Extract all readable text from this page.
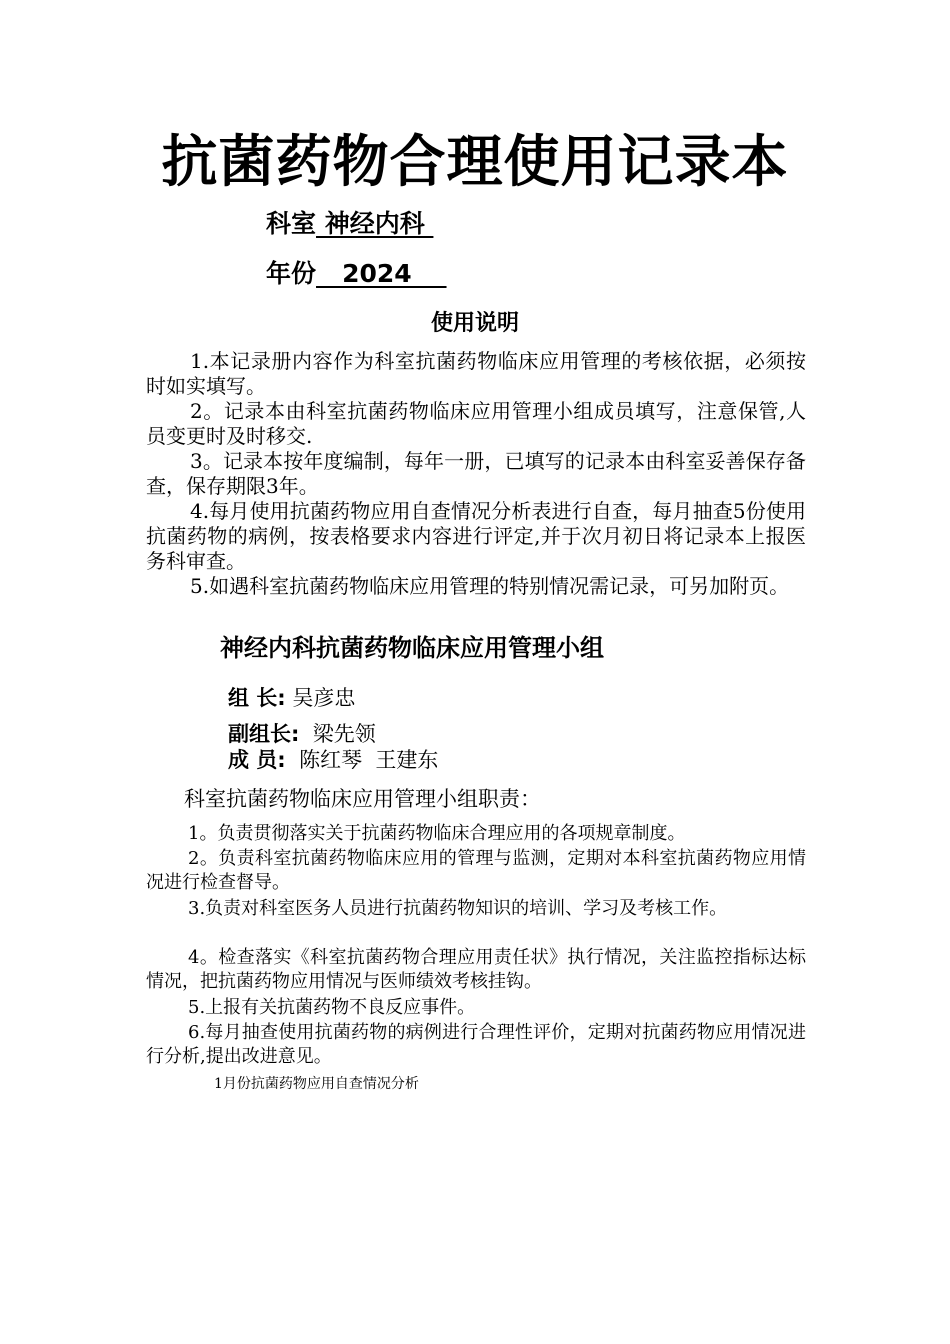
抗菌药物合理使用记录本
科室 神经内科
年份   2024
使用说明
1.本记录册内容作为科室抗菌药物临床应用管理的考核依据，必须按时如实填写。
2。记录本由科室抗菌药物临床应用管理小组成员填写，注意保管,人员变更时及时移交.
3。记录本按年度编制，每年一册，已填写的记录本由科室妥善保存备查，保存期限3年。
4.每月使用抗菌药物应用自查情况分析表进行自查，每月抽查5份使用抗菌药物的病例，按表格要求内容进行评定,并于次月初日将记录本上报医务科审查。
5.如遇科室抗菌药物临床应用管理的特别情况需记录，可另加附页。
神经内科抗菌药物临床应用管理小组
组 长: 吴彦忠
副组长:  梁先领
成 员:  陈红琴  王建东
科室抗菌药物临床应用管理小组职责：
1。负责贯彻落实关于抗菌药物临床合理应用的各项规章制度。
2。负责科室抗菌药物临床应用的管理与监测，定期对本科室抗菌药物应用情况进行检查督导。
3.负责对科室医务人员进行抗菌药物知识的培训、学习及考核工作。
4。检查落实《科室抗菌药物合理应用责任状》执行情况，关注监控指标达标情况，把抗菌药物应用情况与医师绩效考核挂钩。
5.上报有关抗菌药物不良反应事件。
6.每月抽查使用抗菌药物的病例进行合理性评价，定期对抗菌药物应用情况进行分析,提出改进意见。
1月份抗菌药物应用自查情况分析
